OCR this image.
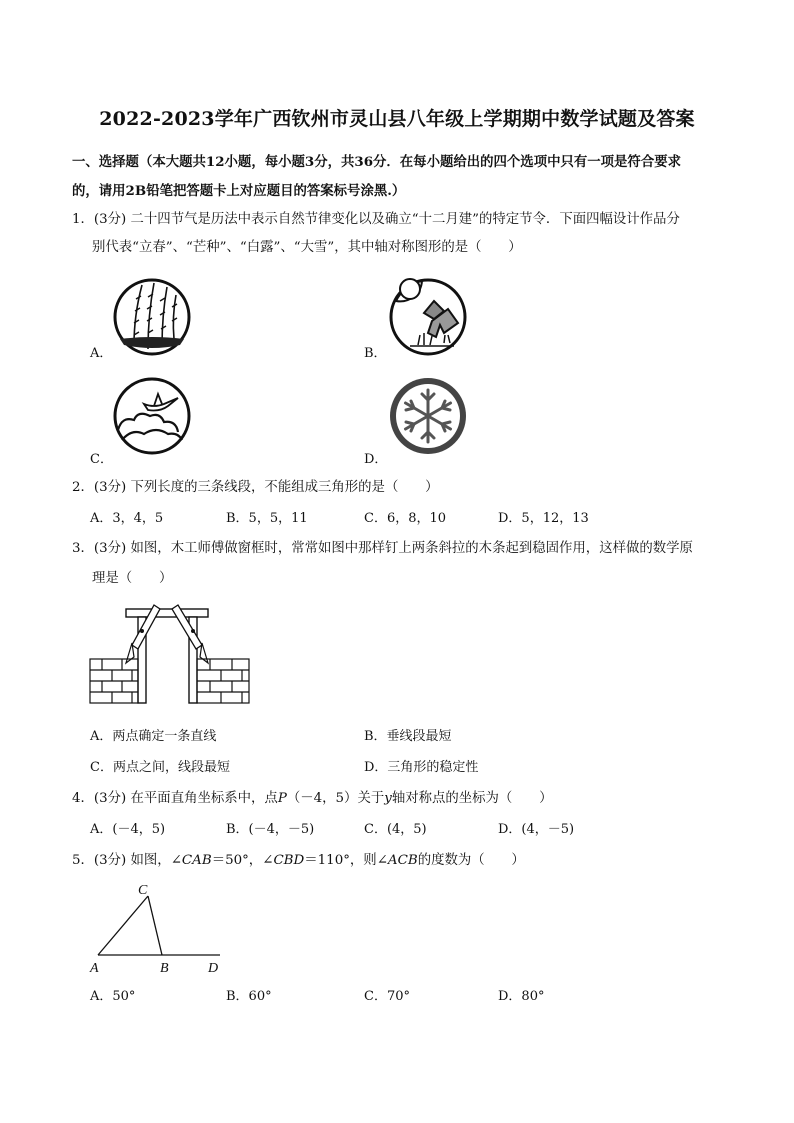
2022-2023学年广西钦州市灵山县八年级上学期期中数学试题及答案
一、选择题（本大题共12小题，每小题3分，共36分．在每小题给出的四个选项中只有一项是符合要求
的，请用2B铅笔把答题卡上对应题目的答案标号涂黑.）
1．(3分) 二十四节气是历法中表示自然节律变化以及确立“十二月建”的特定节令．下面四幅设计作品分
别代表“立春”、“芒种”、“白露”、“大雪”，其中轴对称图形的是（　　）
A．	B．
C．	D．
2．(3分) 下列长度的三条线段，不能组成三角形的是（　　）
A．3，4，5	B．5，5，11	C．6，8，10	D．5，12，13
3．(3分) 如图，木工师傅做窗框时，常常如图中那样钉上两条斜拉的木条起到稳固作用，这样做的数学原
理是（　　）
A．两点确定一条直线	B．垂线段最短
C．两点之间，线段最短	D．三角形的稳定性
4．(3分) 在平面直角坐标系中，点P（－4，5）关于y轴对称点的坐标为（　　）
A．(－4，5)	B．(－4，－5)	C．(4，5)	D．(4，－5)
5．(3分) 如图，∠CAB＝50°，∠CBD＝110°，则∠ACB的度数为（　　）
C
A	B	D
A．50°	B．60°	C．70°	D．80°
